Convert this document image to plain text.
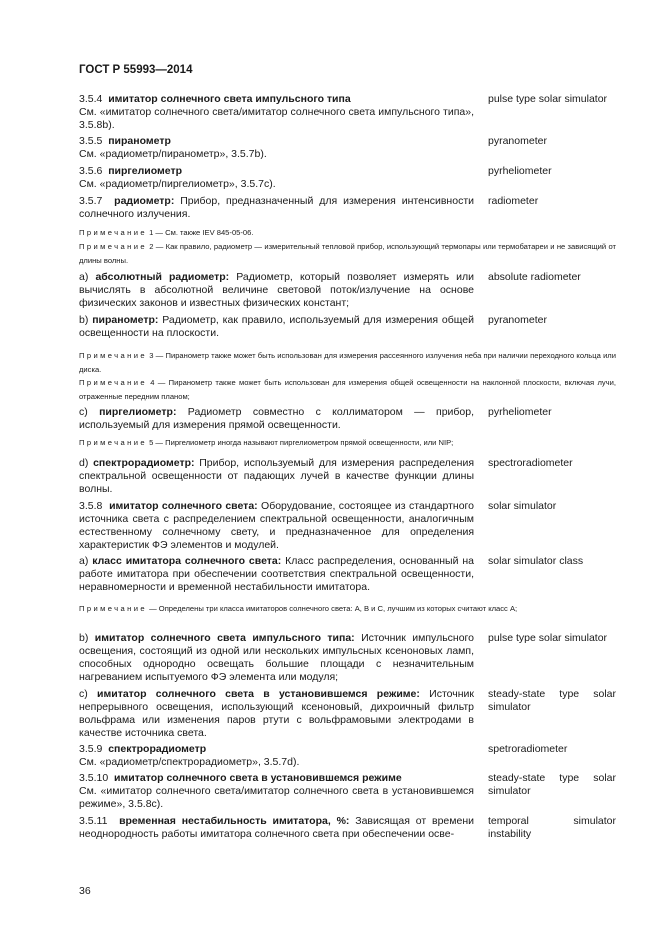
ГОСТ Р 55993—2014
3.5.4 имитатор солнечного света импульсного типа
См. «имитатор солнечного света/имитатор солнечного света импульсного типа», 3.5.8b).
pulse type solar simulator
3.5.5 пиранометр
См. «радиометр/пиранометр», 3.5.7b).
pyranometer
3.5.6 пиргелиометр
См. «радиометр/пиргелиометр», 3.5.7c).
pyrheliometer
3.5.7 радиометр: Прибор, предназначенный для измерения интенсивности солнечного излучения.
radiometer
Примечание 1 — См. также IEV 845-05-06.
Примечание 2 — Как правило, радиометр — измерительный тепловой прибор, использующий термопары или термобатареи и не зависящий от длины волны.
a) абсолютный радиометр: Радиометр, который позволяет измерять или вычислять в абсолютной величине световой поток/излучение на основе физических законов и известных физических констант;
absolute radiometer
b) пиранометр: Радиометр, как правило, используемый для измерения общей освещенности на плоскости.
pyranometer
Примечание 3 — Пиранометр также может быть использован для измерения рассеянного излучения неба при наличии переходного кольца или диска.
Примечание 4 — Пиранометр также может быть использован для измерения общей освещенности на наклонной плоскости, включая лучи, отраженные передним планом;
c) пиргелиометр: Радиометр совместно с коллиматором — прибор, используемый для измерения прямой освещенности.
pyrheliometer
Примечание 5 — Пиргелиометр иногда называют пиргелиометром прямой освещенности, или NIP;
d) спектрорадиометр: Прибор, используемый для измерения распределения спектральной освещенности от падающих лучей в качестве функции длины волны.
spectroradiometer
3.5.8 имитатор солнечного света: Оборудование, состоящее из стандартного источника света с распределением спектральной освещенности, аналогичным естественному солнечному свету, и предназначенное для определения характеристик ФЭ элементов и модулей.
solar simulator
a) класс имитатора солнечного света: Класс распределения, основанный на работе имитатора при обеспечении соответствия спектральной освещенности, неравномерности и временной нестабильности имитатора.
solar simulator class
Примечание — Определены три класса имитаторов солнечного света: A, B и C, лучшим из которых считают класс A;
b) имитатор солнечного света импульсного типа: Источник импульсного освещения, состоящий из одной или нескольких импульсных ксеноновых ламп, способных однородно освещать большие площади с незначительным нагреванием испытуемого ФЭ элемента или модуля;
pulse type solar simulator
c) имитатор солнечного света в установившемся режиме: Источник непрерывного освещения, использующий ксеноновый, дихроичный фильтр вольфрама или изменения паров ртути с вольфрамовыми электродами в качестве источника света.
steady-state type solar simulator
3.5.9 спектрорадиометр
См. «радиометр/спектрорадиометр», 3.5.7d).
spetroradiometer
3.5.10 имитатор солнечного света в установившемся режиме
См. «имитатор солнечного света/имитатор солнечного света в установившемся режиме», 3.5.8c).
steady-state type solar simulator
3.5.11 временная нестабильность имитатора, %: Зависящая от времени неоднородность работы имитатора солнечного света при обеспечении осве-
temporal simulator instability
36
